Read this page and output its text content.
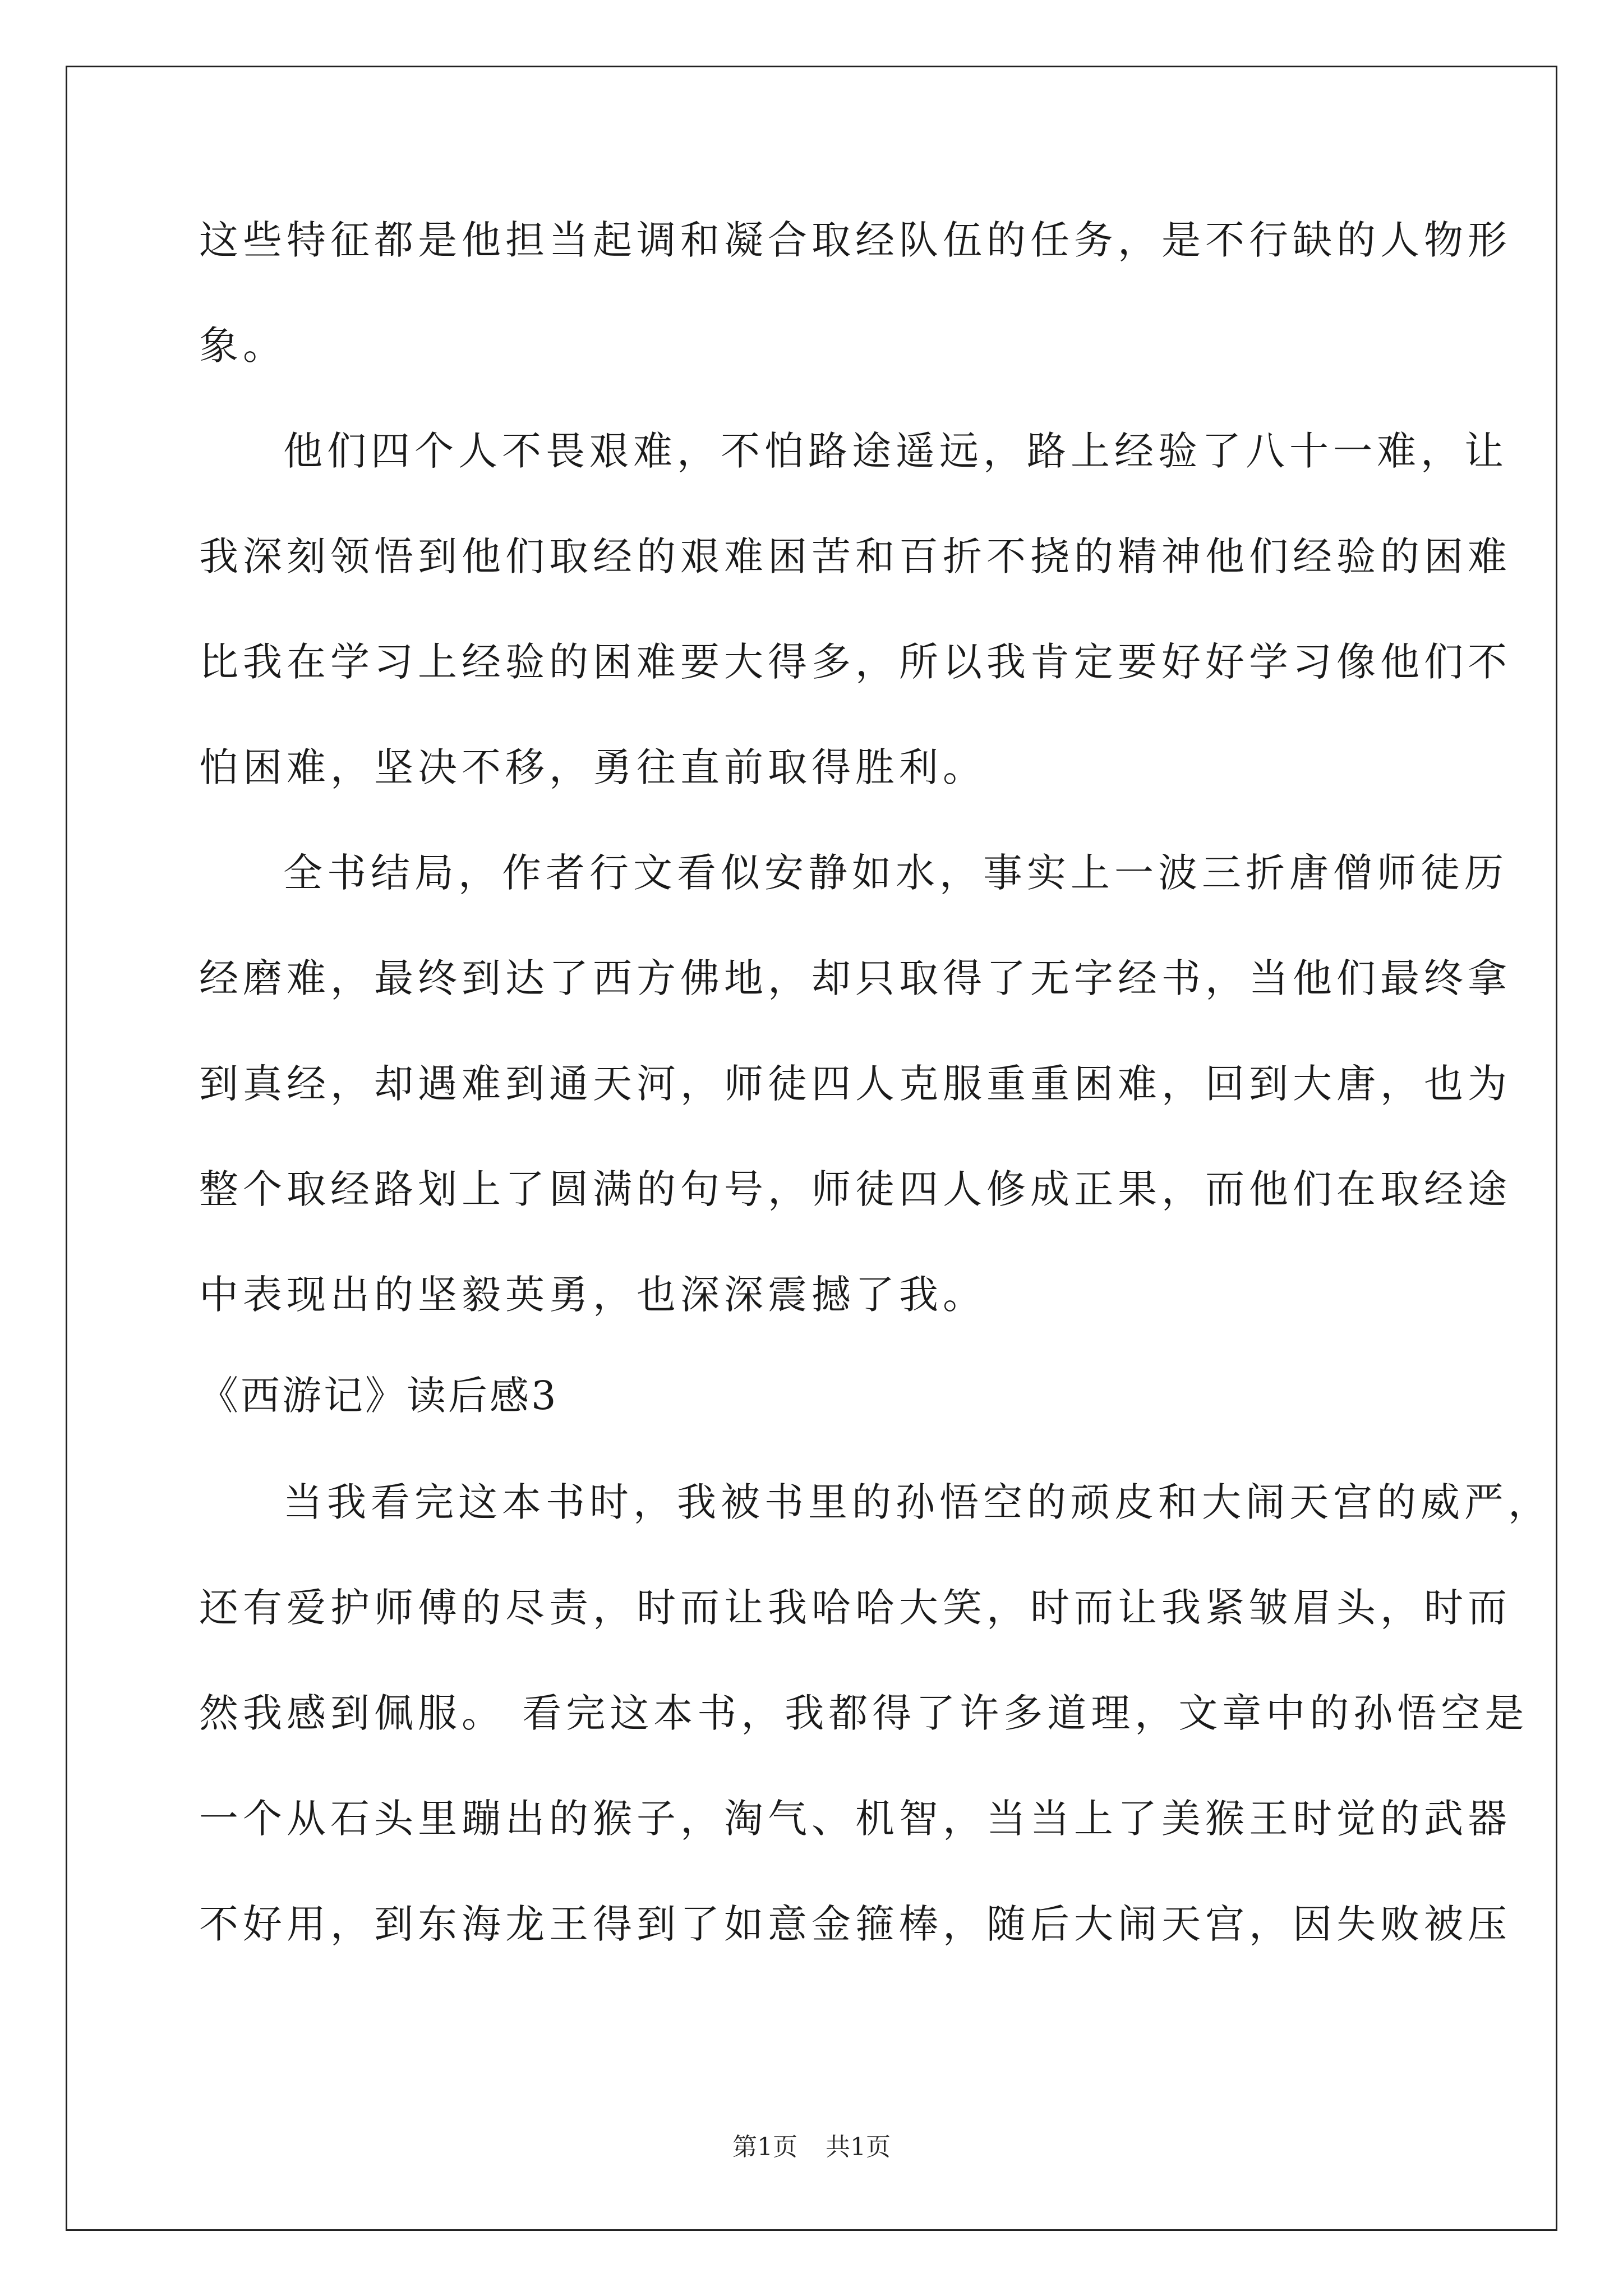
这些特征都是他担当起调和凝合取经队伍的任务，是不行缺的人物形
象。
他们四个人不畏艰难，不怕路途遥远，路上经验了八十一难，让
我深刻领悟到他们取经的艰难困苦和百折不挠的精神他们经验的困难
比我在学习上经验的困难要大得多，所以我肯定要好好学习像他们不
怕困难，坚决不移，勇往直前取得胜利。
全书结局，作者行文看似安静如水，事实上一波三折唐僧师徒历
经磨难，最终到达了西方佛地，却只取得了无字经书，当他们最终拿
到真经，却遇难到通天河，师徒四人克服重重困难，回到大唐，也为
整个取经路划上了圆满的句号，师徒四人修成正果，而他们在取经途
中表现出的坚毅英勇，也深深震撼了我。
《西游记》读后感3
当我看完这本书时，我被书里的孙悟空的顽皮和大闹天宫的威严，
还有爱护师傅的尽责，时而让我哈哈大笑，时而让我紧皱眉头，时而
然我感到佩服。 看完这本书，我都得了许多道理，文章中的孙悟空是
一个从石头里蹦出的猴子，淘气、机智，当当上了美猴王时觉的武器
不好用，到东海龙王得到了如意金箍棒，随后大闹天宫，因失败被压
第1页 共1页
